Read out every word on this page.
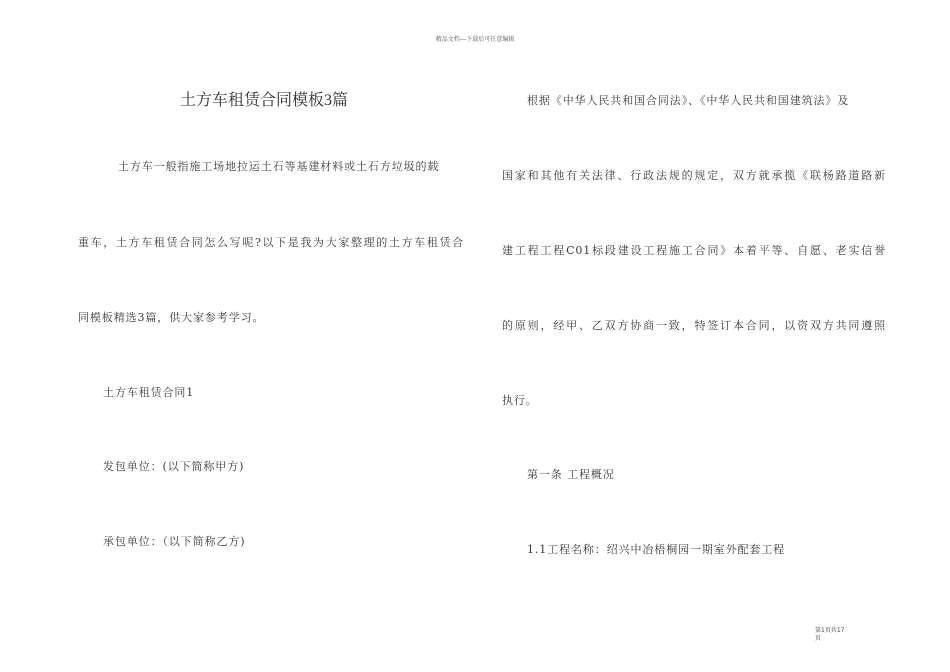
精品文档---下载后可任意编辑
土方车租赁合同模板3篇
土方车一般指施工场地拉运土石等基建材料或土石方垃圾的载
重车，土方车租赁合同怎么写呢?以下是我为大家整理的土方车租赁合
同模板精选3篇，供大家参考学习。
土方车租赁合同1
发包单位：(以下简称甲方)
承包单位：（以下简称乙方)
根据《中华人民共和国合同法》、《中华人民共和国建筑法》及
国家和其他有关法律、行政法规的规定，双方就承揽《联杨路道路新
建工程工程C01标段建设工程施工合同》本着平等、自愿、老实信誉
的原则，经甲、乙双方协商一致，特签订本合同，以资双方共同遵照
执行。
第一条 工程概况
1.1工程名称：绍兴中冶梧桐园一期室外配套工程
第1页共17
页
